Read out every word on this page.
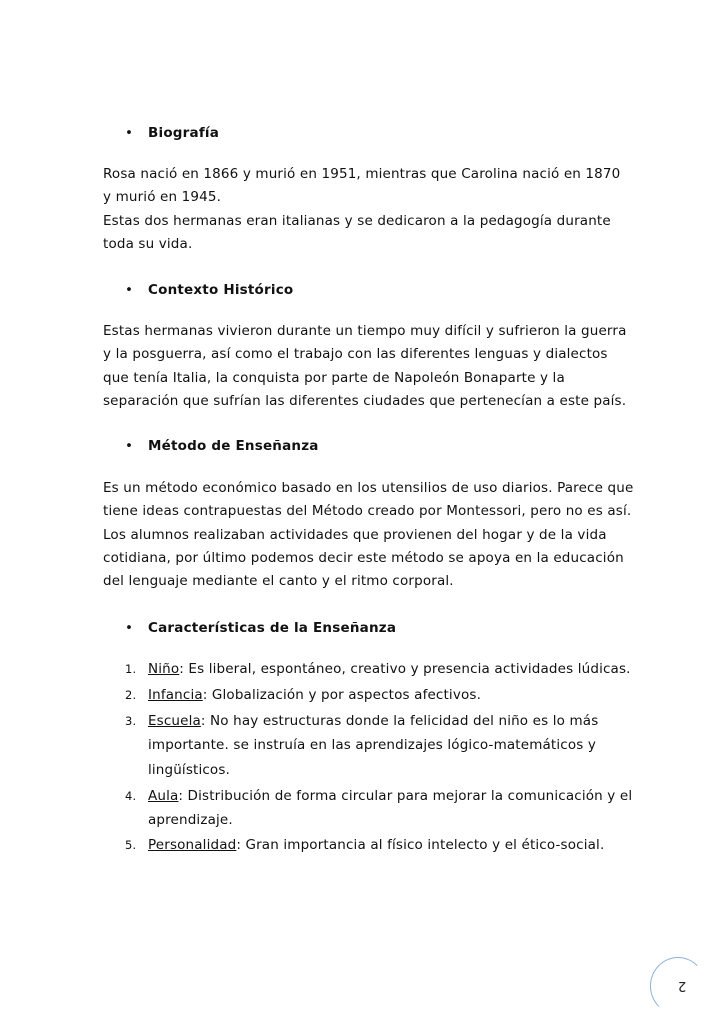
• Biografía
Rosa nació en 1866 y murió en 1951, mientras que Carolina nació en 1870
y murió en 1945.
Estas dos hermanas eran italianas y se dedicaron a la pedagogía durante
toda su vida.
• Contexto Histórico
Estas hermanas vivieron durante un tiempo muy difícil y sufrieron la guerra
y la posguerra, así como el trabajo con las diferentes lenguas y dialectos
que tenía Italia, la conquista por parte de Napoleón Bonaparte y la
separación que sufrían las diferentes ciudades que pertenecían a este país.
• Método de Enseñanza
Es un método económico basado en los utensilios de uso diarios. Parece que
tiene ideas contrapuestas del Método creado por Montessori, pero no es así.
Los alumnos realizaban actividades que provienen del hogar y de la vida
cotidiana, por último podemos decir este método se apoya en la educación
del lenguaje mediante el canto y el ritmo corporal.
• Características de la Enseñanza
1. Niño: Es liberal, espontáneo, creativo y presencia actividades lúdicas.
2. Infancia: Globalización y por aspectos afectivos.
3. Escuela: No hay estructuras donde la felicidad del niño es lo más
importante. se instruía en las aprendizajes lógico-matemáticos y
lingüísticos.
4. Aula: Distribución de forma circular para mejorar la comunicación y el
aprendizaje.
5. Personalidad: Gran importancia al físico intelecto y el ético-social.
2
